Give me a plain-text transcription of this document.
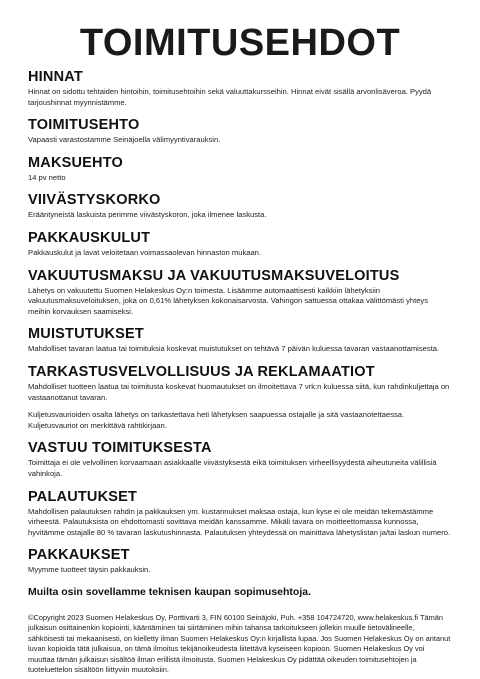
TOIMITUSEHDOT
HINNAT

Hinnat on sidottu tehtaiden hintoihin, toimitusehtoihin sekä valuuttakursseihin. Hinnat eivät sisällä arvonlisäveroa. Pyydä tarjoushinnat myynnistämme.

TOIMITUSEHTO

Vapaasti varastostamme Seinäjoella välimyyntivarauksin.

MAKSUEHTO

14 pv netto

VIIVÄSTYSKORKO

Erääntyneistä laskuista perimme viivästyskoron, joka ilmenee laskusta.

PAKKAUSKULUT

Pakkauskulut ja lavat veloitetaan voimassaolevan hinnaston mukaan.

VAKUUTUSMAKSU JA VAKUUTUSMAKSUVELOITUS

Lähetys on vakuutettu Suomen Helakeskus Oy:n toimesta. Lisäämme automaattisesti kaikkiin lähetyksiin vakuutusmaksuveloituksen, joka on 0,61% lähetyksen kokonaisarvosta. Vahingon sattuessa ottakaa välittömästi yhteys meihin korvauksen saamiseksi.

MUISTUTUKSET

Mahdolliset tavaran laatua tai toimituksia koskevat muistutukset on tehtävä 7 päivän kuluessa tavaran vastaanottamisesta.

TARKASTUSVELVOLLISUUS JA REKLAMAATIOT

Mahdolliset tuotteen laatua tai toimitusta koskevat huomautukset on ilmoitettava 7 vrk:n kuluessa siitä, kun rahdinkuljettaja on vastaanottanut tavaran.

Kuljetusvaurioiden osalta lähetys on tarkastettava heti lähetyksen saapuessa ostajalle ja sitä vastaanotettaessa. Kuljetusvauriot on merkittävä rahtikirjaan.

VASTUU TOIMITUKSESTA

Toimittaja ei ole velvollinen korvaamaan asiakkaalle viivästyksestä eikä toimituksen virheellisyydestä aiheutuneita välillisiä vahinkoja.

PALAUTUKSET

Mahdollisen palautuksen rahdin ja pakkauksen ym. kustannukset maksaa ostaja, kun kyse ei ole meidän tekemästämme virheestä. Palautuksista on ehdottomasti sovittava meidän kanssamme. Mikäli tavara on moitteettomassa kunnossa, hyvitämme ostajalle 80 % tavaran laskutushinnasta. Palautuksen yhteydessä on mainittava lähetyslistan ja/tai laskun numero.

PAKKAUKSET

Myymme tuotteet täysin pakkauksin.

Muilta osin sovellamme teknisen kaupan sopimusehtoja.

©Copyright 2023 Suomen Helakeskus Oy, Porttivarti 3, FIN 60100 Seinäjoki, Puh. +358 104724720, www.helakeskus.fi Tämän julkaisun osittainenkin kopiointi, kääntäminen tai siirtäminen mihin tahansa tarkoitukseen jollekin muulle tietovälineelle, sähköisesti tai mekaanisesti, on kielletty ilman Suomen Helakeskus Oy:n kirjallista lupaa. Jos Suomen Helakeskus Oy on antanut luvan kopioida tätä julkaisua, on tämä ilmoitus tekijänoikeudesta liitettävä kyseiseen kopioon. Suomen Helakeskus Oy voi muuttaa tämän julkaisun sisältöä ilman erillistä ilmoitusta. Suomen Helakeskus Oy pidättää oikeuden toimitusehtojen ja tuoteluettelon sisältöön liittyviin muutoksiin.
